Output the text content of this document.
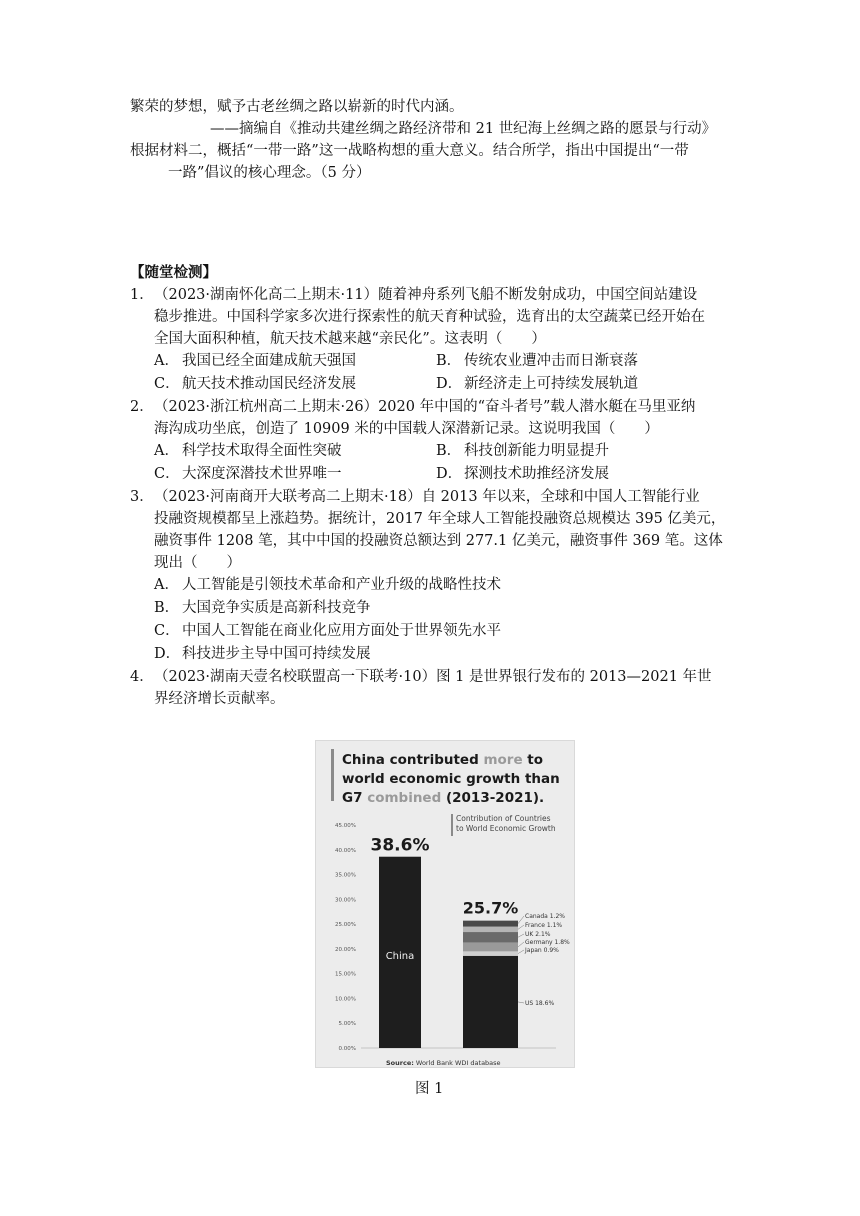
繁荣的梦想，赋予古老丝绸之路以崭新的时代内涵。
——摘编自《推动共建丝绸之路经济带和 21 世纪海上丝绸之路的愿景与行动》
根据材料二，概括“一带一路”这一战略构想的重大意义。结合所学，指出中国提出“一带
一路”倡议的核心理念。（5 分）
【随堂检测】
1． （2023·湖南怀化高二上期末·11）随着神舟系列飞船不断发射成功，中国空间站建设
稳步推进。中国科学家多次进行探索性的航天育种试验，选育出的太空蔬菜已经开始在
全国大面积种植，航天技术越来越“亲民化”。这表明（　　）
A． 我国已经全面建成航天强国	B． 传统农业遭冲击而日渐衰落
C． 航天技术推动国民经济发展	D． 新经济走上可持续发展轨道
2． （2023·浙江杭州高二上期末·26）2020 年中国的“奋斗者号”载人潜水艇在马里亚纳
海沟成功坐底，创造了 10909 米的中国载人深潜新记录。这说明我国（　　）
A． 科学技术取得全面性突破	B． 科技创新能力明显提升
C． 大深度深潜技术世界唯一	D． 探测技术助推经济发展
3． （2023·河南商开大联考高二上期末·18）自 2013 年以来，全球和中国人工智能行业
投融资规模都呈上涨趋势。据统计，2017 年全球人工智能投融资总规模达 395 亿美元，
融资事件 1208 笔，其中中国的投融资总额达到 277.1 亿美元，融资事件 369 笔。这体
现出（　　）
A． 人工智能是引领技术革命和产业升级的战略性技术
B． 大国竞争实质是高新科技竞争
C． 中国人工智能在商业化应用方面处于世界领先水平
D． 科技进步主导中国可持续发展
4． （2023·湖南天壹名校联盟高一下联考·10）图 1 是世界银行发布的 2013—2021 年世
界经济增长贡献率。
China contributed more to
world economic growth than
G7 combined (2013-2021).
Contribution of Countries
to World Economic Growth
0.00%
5.00%
10.00%
15.00%
20.00%
25.00%
30.00%
35.00%
40.00%
45.00%
38.6%
China
US 18.6%
Japan 0.9%
Germany 1.8%
UK 2.1%
France 1.1%
Canada 1.2%
25.7%
Source: World Bank WDI database
图 1
